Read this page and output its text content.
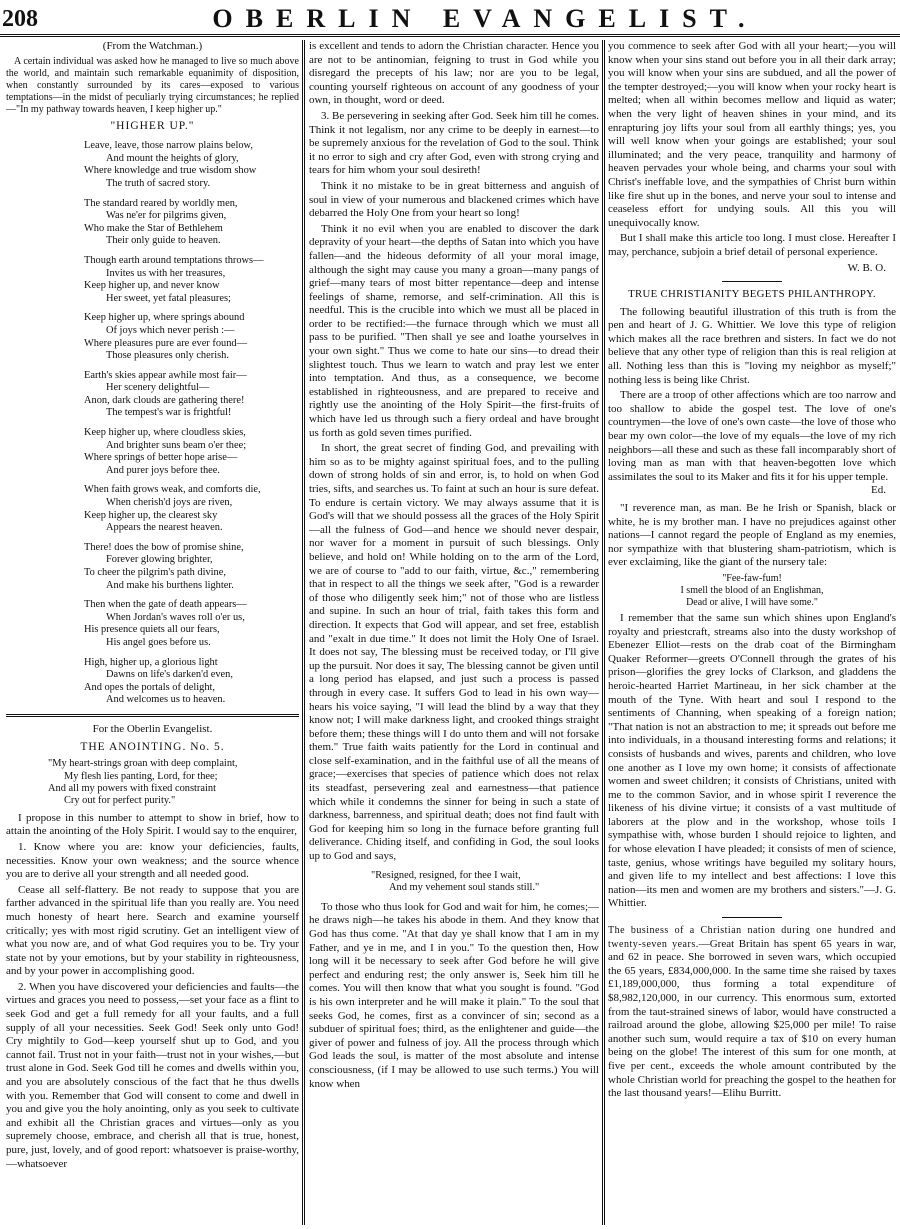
208	OBERLIN EVANGELIST.

(From the Watchman.)

A certain individual was asked how he managed to live so much above the world, and maintain such remarkable equanimity of disposition, when constantly surrounded by its cares—exposed to various temptations—in the midst of peculiarly trying circumstances; he replied—"In my pathway towards heaven, I keep higher up."

"HIGHER UP."

Leave, leave, those narrow plains below,
And mount the heights of glory,
Where knowledge and true wisdom show
The truth of sacred story.
The standard reared by worldly men,
Was ne'er for pilgrims given,
Who make the Star of Bethlehem
Their only guide to heaven.
Though earth around temptations throws—
Invites us with her treasures,
Keep higher up, and never know
Her sweet, yet fatal pleasures;
Keep higher up, where springs abound
Of joys which never perish :—
Where pleasures pure are ever found—
Those pleasures only cherish.
Earth's skies appear awhile most fair—
Her scenery delightful—
Anon, dark clouds are gathering there!
The tempest's war is frightful!
Keep higher up, where cloudless skies,
And brighter suns beam o'er thee;
Where springs of better hope arise—
And purer joys before thee.
When faith grows weak, and comforts die,
When cherish'd joys are riven,
Keep higher up, the clearest sky
Appears the nearest heaven.
There! does the bow of promise shine,
Forever glowing brighter,
To cheer the pilgrim's path divine,
And make his burthens lighter.
Then when the gate of death appears—
When Jordan's waves roll o'er us,
His presence quiets all our fears,
His angel goes before us.
High, higher up, a glorious light
Dawns on life's darken'd even,
And opes the portals of delight,
And welcomes us to heaven.

For the Oberlin Evangelist.

THE ANOINTING. No. 5.

"My heart-strings groan with deep complaint,
My flesh lies panting, Lord, for thee;
And all my powers with fixed constraint
Cry out for perfect purity."

I propose in this number to attempt to show in brief, how to attain the anointing of the Holy Spirit. I would say to the enquirer,

1. Know where you are: know your deficiencies, faults, necessities. Know your own weakness; and the source whence you are to derive all your strength and all needed good.

Cease all self-flattery. Be not ready to suppose that you are farther advanced in the spiritual life than you really are. You need much honesty of heart here. Search and examine yourself critically; yes with most rigid scrutiny. Get an intelligent view of what you now are, and of what God requires you to be. Try your state not by your emotions, but by your stability in righteousness, and by your power in accomplishing good.

2. When you have discovered your deficiencies and faults—the virtues and graces you need to possess,—set your face as a flint to seek God and get a full remedy for all your faults, and a full supply of all your necessities. Seek God! Seek only unto God! Cry mightily to God—keep yourself shut up to God, and you cannot fail. Trust not in your faith—trust not in your wishes,—but trust alone in God. Seek God till he comes and dwells within you, and you are absolutely conscious of the fact that he thus dwells with you. Remember that God will consent to come and dwell in you and give you the holy anointing, only as you seek to cultivate and exhibit all the Christian graces and virtues—only as you supremely choose, embrace, and cherish all that is true, honest, pure, just, lovely, and of good report: whatsoever is praise-worthy,—whatsoever

is excellent and tends to adorn the Christian character. Hence you are not to be antinomian, feigning to trust in God while you disregard the precepts of his law; nor are you to be legal, counting yourself righteous on account of any goodness of your own, in thought, word or deed.

3. Be persevering in seeking after God. Seek him till he comes. Think it not legalism, nor any crime to be deeply in earnest—to be supremely anxious for the revelation of God to the soul. Think it no error to sigh and cry after God, even with strong crying and tears for him whom your soul desireth!

Think it no mistake to be in great bitterness and anguish of soul in view of your numerous and blackened crimes which have debarred the Holy One from your heart so long!

Think it no evil when you are enabled to discover the dark depravity of your heart—the depths of Satan into which you have fallen—and the hideous deformity of all your moral image, although the sight may cause you many a groan—many pangs of grief—many tears of most bitter repentance—deep and intense feelings of shame, remorse, and self-crimination. All this is needful. This is the crucible into which we must all be placed in order to be rectified:—the furnace through which we must all pass to be purified. "Then shall ye see and loathe yourselves in your own sight." Thus we come to hate our sins—to dread their slightest touch. Thus we learn to watch and pray lest we enter into temptation. And thus, as a consequence, we become established in righteousness, and are prepared to receive and rightly use the anointing of the Holy Spirit—the first-fruits of which have led us through such a fiery ordeal and have brought us forth as gold seven times purified.

In short, the great secret of finding God, and prevailing with him so as to be mighty against spiritual foes, and to the pulling down of strong holds of sin and error, is, to hold on when God tries, sifts, and searches us. To faint at such an hour is sure defeat. To endure is certain victory. We may always assume that it is God's will that we should possess all the graces of the Holy Spirit—all the fulness of God—and hence we should never despair, nor waver for a moment in pursuit of such blessings. Only believe, and hold on! While holding on to the arm of the Lord, we are of course to "add to our faith, virtue, &c.," remembering that in respect to all the things we seek after, "God is a rewarder of those who diligently seek him;" not of those who are listless and supine. In such an hour of trial, faith takes this form and direction. It expects that God will appear, and set free, establish and "exalt in due time." It does not limit the Holy One of Israel. It does not say, The blessing must be received today, or I'll give up the pursuit. Nor does it say, The blessing cannot be given until a long period has elapsed, and just such a process is passed through in every case. It suffers God to lead in his own way—hears his voice saying, "I will lead the blind by a way that they know not; I will make darkness light, and crooked things straight before them; these things will I do unto them and will not forsake them." True faith waits patiently for the Lord in continual and close self-examination, and in the faithful use of all the means of grace;—exercises that species of patience which does not relax its steadfast, persevering zeal and earnestness—that patience which while it condemns the sinner for being in such a state of darkness, barrenness, and spiritual death; does not find fault with God for keeping him so long in the furnace before granting full deliverance. Chiding itself, and confiding in God, the soul looks up to God and says,

"Resigned, resigned, for thee I wait,
And my vehement soul stands still."

To those who thus look for God and wait for him, he comes;—he draws nigh—he takes his abode in them. And they know that God has thus come. "At that day ye shall know that I am in my Father, and ye in me, and I in you." To the question then, How long will it be necessary to seek after God before he will give perfect and enduring rest; the only answer is, Seek him till he comes. You will then know that what you sought is found. "God is his own interpreter and he will make it plain." To the soul that seeks God, he comes, first as a convincer of sin; second as a subduer of spiritual foes; third, as the enlightener and guide—the giver of power and fulness of joy. All the process through which God leads the soul, is matter of the most absolute and intense consciousness, (if I may be allowed to use such terms.) You will know when

you commence to seek after God with all your heart;—you will know when your sins stand out before you in all their dark array; you will know when your sins are subdued, and all the power of the tempter destroyed;—you will know when your rocky heart is melted; when all within becomes mellow and liquid as water; when the very light of heaven shines in your mind, and its enrapturing joy lifts your soul from all earthly things; yes, you will well know when your goings are established; your soul illuminated; and the very peace, tranquility and harmony of heaven pervades your whole being, and charms your soul with Christ's ineffable love, and the sympathies of Christ burn within like fire shut up in the bones, and nerve your soul to intense and ceaseless effort for undying souls. All this you will unequivocally know.

But I shall make this article too long. I must close. Hereafter I may, perchance, subjoin a brief detail of personal experience.

W. B. O.

TRUE CHRISTIANITY BEGETS PHILANTHROPY.

The following beautiful illustration of this truth is from the pen and heart of J. G. Whittier. We love this type of religion which makes all the race brethren and sisters. In fact we do not believe that any other type of religion than this is real religion at all. Nothing less than this is "loving my neighbor as myself;" nothing less is being like Christ.

There are a troop of other affections which are too narrow and too shallow to abide the gospel test. The love of one's countrymen—the love of one's own caste—the love of those who bear my own color—the love of my equals—the love of my rich neighbors—all these and such as these fall incomparably short of loving man as man with that heaven-begotten love which assimilates the soul to its Maker and fits it for his upper temple.

Ed.

"I reverence man, as man. Be he Irish or Spanish, black or white, he is my brother man. I have no prejudices against other nations—I cannot regard the people of England as my enemies, nor sympathize with that blustering sham-patriotism, which is ever exclaiming, like the giant of the nursery tale:

"Fee-faw-fum!
I smell the blood of an Englishman,
Dead or alive, I will have some."

I remember that the same sun which shines upon England's royalty and priestcraft, streams also into the dusty workshop of Ebenezer Elliot—rests on the drab coat of the Birmingham Quaker Reformer—greets O'Connell through the grates of his prison—glorifies the grey locks of Clarkson, and gladdens the heroic-hearted Harriet Martineau, in her sick chamber at the mouth of the Tyne. With heart and soul I respond to the sentiments of Channing, when speaking of a foreign nation; "That nation is not an abstraction to me; it spreads out before me into individuals, in a thousand interesting forms and relations; it consists of husbands and wives, parents and children, who love one another as I love my own home; it consists of affectionate women and sweet children; it consists of Christians, united with me to the common Savior, and in whose spirit I reverence the likeness of his divine virtue; it consists of a vast multitude of laborers at the plow and in the workshop, whose toils I sympathise with, whose burden I should rejoice to lighten, and for whose elevation I have pleaded; it consists of men of science, taste, genius, whose writings have beguiled my solitary hours, and given life to my intellect and best affections: I love this nation—its men and women are my brothers and sisters."—J. G. Whittier.

The business of a Christian nation during one hundred and twenty-seven years.—Great Britain has spent 65 years in war, and 62 in peace. She borrowed in seven wars, which occupied the 65 years, £834,000,000. In the same time she raised by taxes £1,189,000,000, thus forming a total expenditure of $8,982,120,000, in our currency. This enormous sum, extorted from the taut-strained sinews of labor, would have constructed a railroad around the globe, allowing $25,000 per mile! To raise another such sum, would require a tax of $10 on every human being on the globe! The interest of this sum for one month, at five per cent., exceeds the whole amount contributed by the whole Christian world for preaching the gospel to the heathen for the last thousand years!—Elihu Burritt.
